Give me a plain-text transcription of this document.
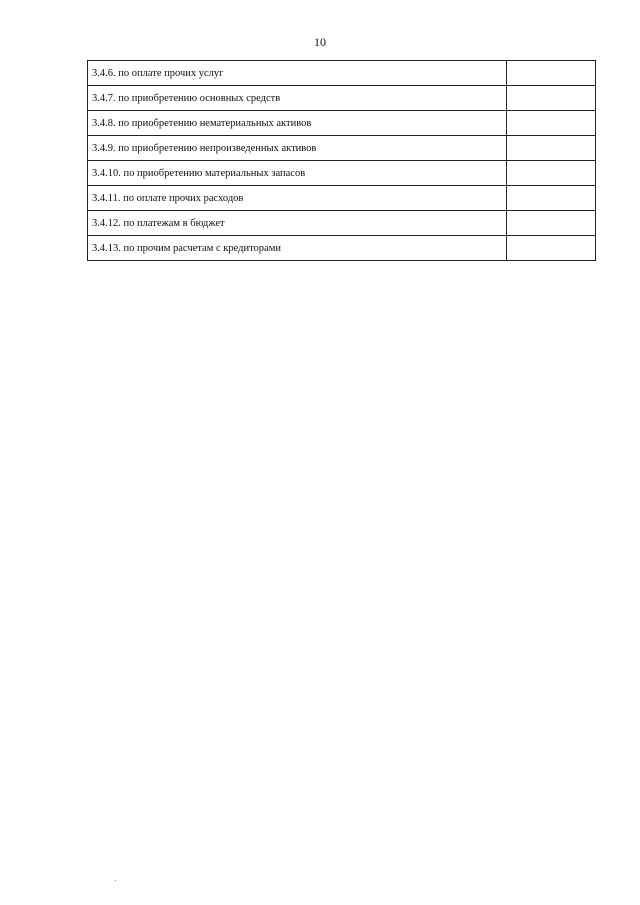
10
3.4.6. по оплате прочих услуг	
3.4.7. по приобретению основных средств	
3.4.8. по приобретению нематериальных активов	
3.4.9. по приобретению непроизведенных активов	
3.4.10. по приобретению материальных запасов	
3.4.11. по оплате прочих расходов	
3.4.12. по платежам в бюджет	
3.4.13. по прочим расчетам с кредиторами	
